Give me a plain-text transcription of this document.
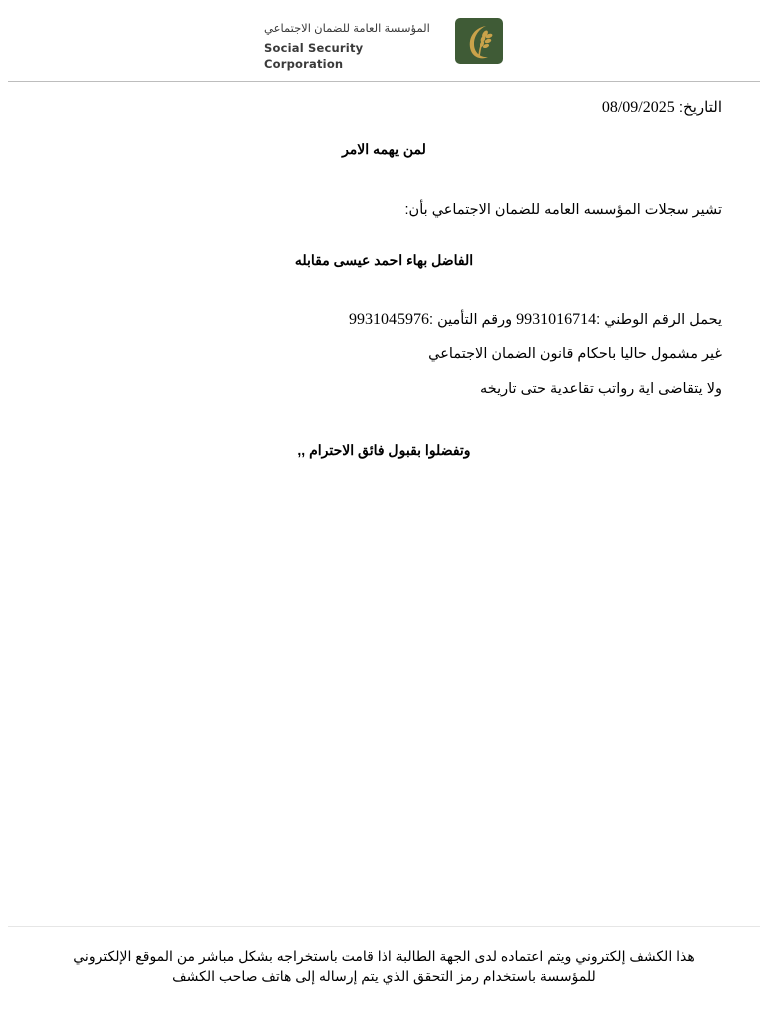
المؤسسة العامة للضمان الاجتماعي
Social Security Corporation
التاريخ: 08/09/2025
لمن يهمه الامر
تشير سجلات المؤسسه العامه للضمان الاجتماعي بأن:
الفاضل بهاء احمد عيسى مقابله
يحمل الرقم الوطني :9931016714 ورقم التأمين :9931045976
غير مشمول حاليا باحكام قانون الضمان الاجتماعي
ولا يتقاضى اية رواتب تقاعدية حتى تاريخه
وتفضلوا بقبول فائق الاحترام ,,
هذا الكشف إلكتروني ويتم اعتماده لدى الجهة الطالبة اذا قامت باستخراجه بشكل مباشر من الموقع الإلكتروني
للمؤسسة باستخدام رمز التحقق الذي يتم إرساله إلى هاتف صاحب الكشف
